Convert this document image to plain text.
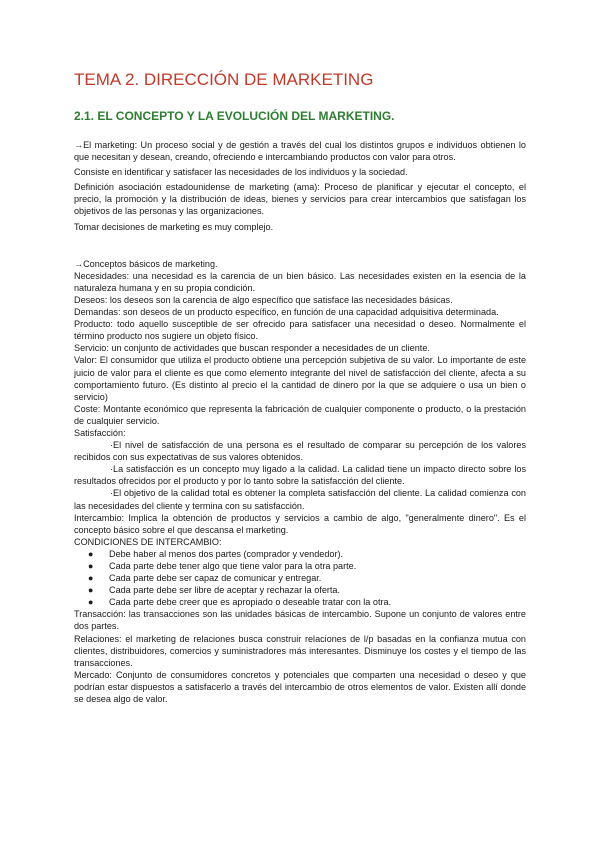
TEMA 2. DIRECCIÓN DE MARKETING
2.1. EL CONCEPTO Y LA EVOLUCIÓN DEL MARKETING.

→El marketing: Un proceso social y de gestión a través del cual los distintos grupos e individuos obtienen lo que necesitan y desean, creando, ofreciendo e intercambiando productos con valor para otros.

Consiste en identificar y satisfacer las necesidades de los individuos y la sociedad.

Definición asociación estadounidense de marketing (ama): Proceso de planificar y ejecutar el concepto, el precio, la promoción y la distribución de ideas, bienes y servicios para crear intercambios que satisfagan los objetivos de las personas y las organizaciones.

Tomar decisiones de marketing es muy complejo.

→Conceptos básicos de marketing.

Necesidades: una necesidad es la carencia de un bien básico. Las necesidades existen en la esencia de la naturaleza humana y en su propia condición.

Deseos: los deseos son la carencia de algo específico que satisface las necesidades básicas.

Demandas: son deseos de un producto específico, en función de una capacidad adquisitiva determinada.

Producto: todo aquello susceptible de ser ofrecido para satisfacer una necesidad o deseo. Normalmente el término producto nos sugiere un objeto físico.

Servicio: un conjunto de actividades que buscan responder a necesidades de un cliente.

Valor: El consumidor que utiliza el producto obtiene una percepción subjetiva de su valor. Lo importante de este juicio de valor para el cliente es que como elemento integrante del nivel de satisfacción del cliente, afecta a su comportamiento futuro. (Es distinto al precio el la cantidad de dinero por la que se adquiere o usa un bien o servicio)

Coste: Montante económico que representa la fabricación de cualquier componente o producto, o la prestación de cualquier servicio.

Satisfacción:

·El nivel de satisfacción de una persona es el resultado de comparar su percepción de los valores recibidos con sus expectativas de sus valores obtenidos.

·La satisfacción es un concepto muy ligado a la calidad. La calidad tiene un impacto directo sobre los resultados ofrecidos por el producto y por lo tanto sobre la satisfacción del cliente.

·El objetivo de la calidad total es obtener la completa satisfacción del cliente. La calidad comienza con las necesidades del cliente y termina con su satisfacción.

Intercambio: Implica la obtención de productos y servicios a cambio de algo, "generalmente dinero". Es el concepto básico sobre el que descansa el marketing.

CONDICIONES DE INTERCAMBIO:

● Debe haber al menos dos partes (comprador y vendedor).
● Cada parte debe tener algo que tiene valor para la otra parte.
● Cada parte debe ser capaz de comunicar y entregar.
● Cada parte debe ser libre de aceptar y rechazar la oferta.
● Cada parte debe creer que es apropiado o deseable tratar con la otra.

Transacción: las transacciones son las unidades básicas de intercambio. Supone un conjunto de valores entre dos partes.

Relaciones: el marketing de relaciones busca construir relaciones de l/p basadas en la confianza mutua con clientes, distribuidores, comercios y suministradores más interesantes. Disminuye los costes y el tiempo de las transacciones.

Mercado: Conjunto de consumidores concretos y potenciales que comparten una necesidad o deseo y que podrían estar dispuestos a satisfacerlo a través del intercambio de otros elementos de valor. Existen allí donde se desea algo de valor.
